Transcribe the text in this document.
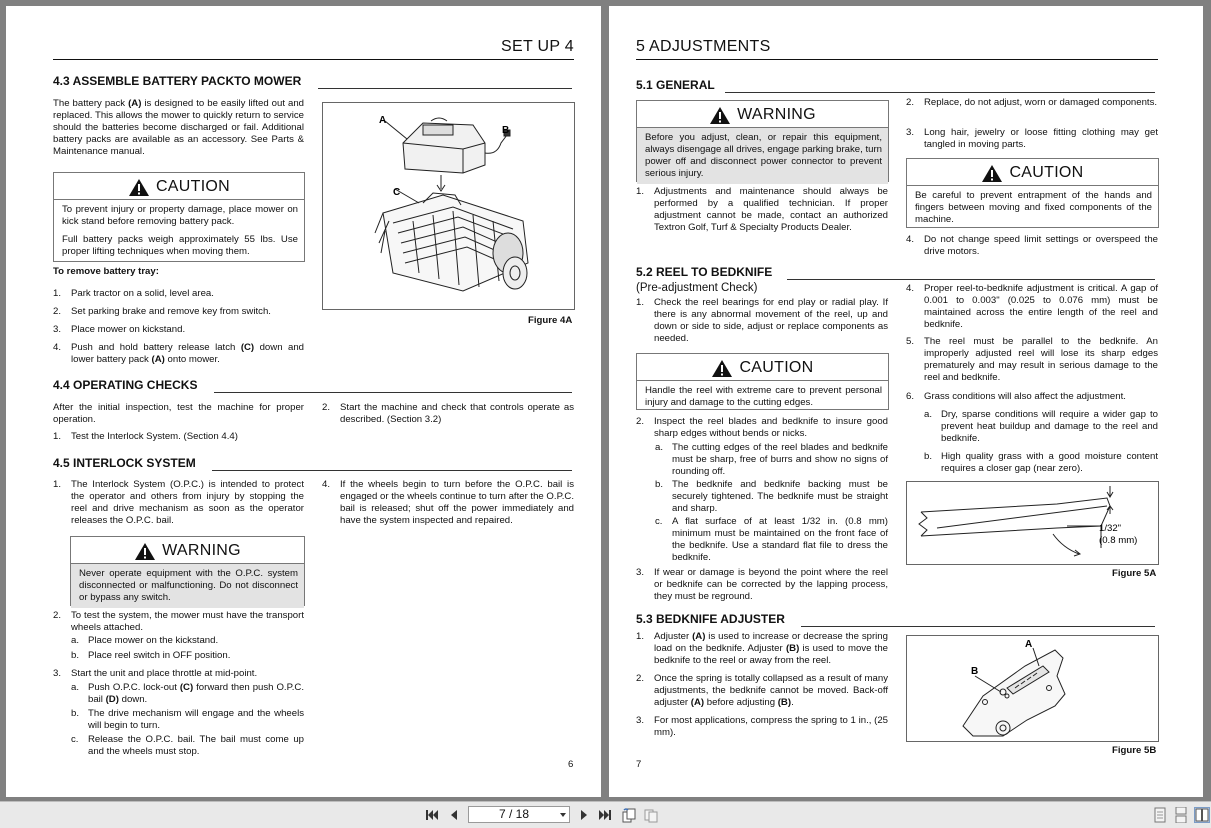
SET UP 4
4.3 ASSEMBLE BATTERY PACKTO MOWER
The battery pack (A) is designed to be easily lifted out and replaced. This allows the mower to quickly return to service should the batteries become discharged or fail. Additional battery packs are available as an accessory. See Parts & Maintenance manual.
CAUTION

To prevent injury or property damage, place mower on kick stand before removing battery pack.

Full battery packs weigh approximately 55 lbs. Use proper lifting techniques when moving them.

To remove battery tray:
1. Park tractor on a solid, level area.
2. Set parking brake and remove key from switch.
3. Place mower on kickstand.
4. Push and hold battery release latch (C) down and lower battery pack (A) onto mower.
A
B
C
Figure 4A
4.4 OPERATING CHECKS
After the initial inspection, test the machine for proper operation.
1. Test the Interlock System. (Section 4.4)
2. Start the machine and check that controls operate as described. (Section 3.2)
4.5 INTERLOCK SYSTEM
1. The Interlock System (O.P.C.) is intended to protect the operator and others from injury by stopping the reel and drive mechanism as soon as the operator releases the O.P.C. bail.
WARNING
Never operate equipment with the O.P.C. system disconnected or malfunctioning. Do not disconnect or bypass any switch.
2. To test the system, the mower must have the transport wheels attached.
a. Place mower on the kickstand.
b. Place reel switch in OFF position.
3. Start the unit and place throttle at mid-point.
a. Push O.P.C. lock-out (C) forward then push O.P.C. bail (D) down.
b. The drive mechanism will engage and the wheels will begin to turn.
c. Release the O.P.C. bail. The bail must come up and the wheels must stop.
4. If the wheels begin to turn before the O.P.C. bail is engaged or the wheels continue to turn after the O.P.C. bail is released; shut off the power immediately and have the system inspected and repaired.
6
5 ADJUSTMENTS
5.1 GENERAL
WARNING
Before you adjust, clean, or repair this equipment, always disengage all drives, engage parking brake, turn power off and disconnect power connector to prevent serious injury.
1. Adjustments and maintenance should always be performed by a qualified technician. If proper adjustment cannot be made, contact an authorized Textron Golf, Turf & Specialty Products Dealer.
2. Replace, do not adjust, worn or damaged components.
3. Long hair, jewelry or loose fitting clothing may get tangled in moving parts.
CAUTION
Be careful to prevent entrapment of the hands and fingers between moving and fixed components of the machine.
4. Do not change speed limit settings or overspeed the drive motors.
5.2 REEL TO BEDKNIFE
(Pre-adjustment Check)
1. Check the reel bearings for end play or radial play. If there is any abnormal movement of the reel, up and down or side to side, adjust or replace components as needed.
CAUTION
Handle the reel with extreme care to prevent personal injury and damage to the cutting edges.
2. Inspect the reel blades and bedknife to insure good sharp edges without bends or nicks.
a. The cutting edges of the reel blades and bedknife must be sharp, free of burrs and show no signs of rounding off.
b. The bedknife and bedknife backing must be securely tightened. The bedknife must be straight and sharp.
c. A flat surface of at least 1/32 in. (0.8 mm) minimum must be maintained on the front face of the bedknife. Use a standard flat file to dress the bedknife.
3. If wear or damage is beyond the point where the reel or bedknife can be corrected by the lapping process, they must be reground.
4. Proper reel-to-bedknife adjustment is critical. A gap of 0.001 to 0.003" (0.025 to 0.076 mm) must be maintained across the entire length of the reel and bedknife.
5. The reel must be parallel to the bedknife. An improperly adjusted reel will lose its sharp edges prematurely and may result in serious damage to the reel and bedknife.
6. Grass conditions will also affect the adjustment.
a. Dry, sparse conditions will require a wider gap to prevent heat buildup and damage to the reel and bedknife.
b. High quality grass with a good moisture content requires a closer gap (near zero).
1/32"
(0.8 mm)
Figure 5A
5.3 BEDKNIFE ADJUSTER
1. Adjuster (A) is used to increase or decrease the spring load on the bedknife. Adjuster (B) is used to move the bedknife to the reel or away from the reel.
2. Once the spring is totally collapsed as a result of many adjustments, the bedknife cannot be moved. Back-off adjuster (A) before adjusting (B).
3. For most applications, compress the spring to 1 in., (25 mm).
A
B
Figure 5B
7
7 / 18
